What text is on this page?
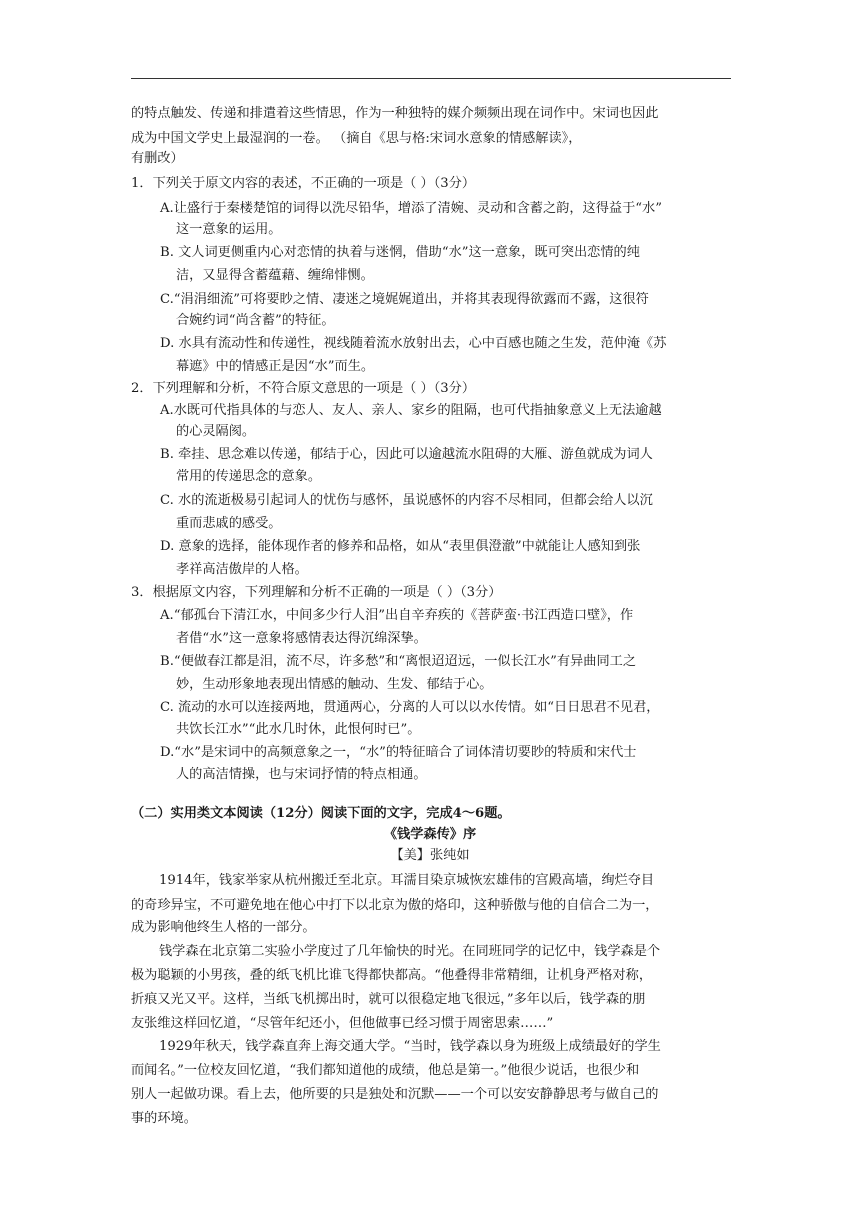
的特点触发、传递和排遣着这些情思，作为一种独特的媒介频频出现在词作中。宋词也因此
成为中国文学史上最湿润的一卷。 （摘自《思与格:宋词水意象的情感解读》，
有删改）
1．下列关于原文内容的表述，不正确的一项是（ ）（3分）
A.让盛行于秦楼楚馆的词得以洗尽铅华，增添了清婉、灵动和含蓄之韵，这得益于“水”
这一意象的运用。
B. 文人词更侧重内心对恋情的执着与迷惘，借助“水”这一意象，既可突出恋情的纯
洁，又显得含蓄蕴藉、缠绵悱恻。
C.“涓涓细流”可将要眇之情、凄迷之境娓娓道出，并将其表现得欲露而不露，这很符
合婉约词“尚含蓄”的特征。
D. 水具有流动性和传递性，视线随着流水放射出去，心中百感也随之生发，范仲淹《苏
幕遮》中的情感正是因“水”而生。
2．下列理解和分析，不符合原文意思的一项是（ ）（3分）
A.水既可代指具体的与恋人、友人、亲人、家乡的阻隔，也可代指抽象意义上无法逾越
的心灵隔阂。
B. 牵挂、思念难以传递，郁结于心，因此可以逾越流水阻碍的大雁、游鱼就成为词人
常用的传递思念的意象。
C. 水的流逝极易引起词人的忧伤与感怀，虽说感怀的内容不尽相同，但都会给人以沉
重而悲戚的感受。
D. 意象的选择，能体现作者的修养和品格，如从“表里俱澄澈”中就能让人感知到张
孝祥高洁傲岸的人格。
3．根据原文内容，下列理解和分析不正确的一项是（ ）（3分）
A.“郁孤台下清江水，中间多少行人泪”出自辛弃疾的《菩萨蛮·书江西造口壁》，作
者借“水”这一意象将感情表达得沉绵深挚。
B.“便做春江都是泪，流不尽，许多愁”和“离恨迢迢远，一似长江水”有异曲同工之
妙，生动形象地表现出情感的触动、生发、郁结于心。
C. 流动的水可以连接两地，贯通两心，分离的人可以以水传情。如“日日思君不见君，
共饮长江水”“此水几时休，此恨何时已”。
D.“水”是宋词中的高频意象之一，“水”的特征暗合了词体清切要眇的特质和宋代士
人的高洁情操，也与宋词抒情的特点相通。
（二）实用类文本阅读（12分）阅读下面的文字，完成4～6题。
《钱学森传》序
【美】张纯如
1914年，钱家举家从杭州搬迁至北京。耳濡目染京城恢宏雄伟的宫殿高墙，绚烂夺目
的奇珍异宝，不可避免地在他心中打下以北京为傲的烙印，这种骄傲与他的自信合二为一，
成为影响他终生人格的一部分。
钱学森在北京第二实验小学度过了几年愉快的时光。在同班同学的记忆中，钱学森是个
极为聪颖的小男孩，叠的纸飞机比谁飞得都快都高。“他叠得非常精细，让机身严格对称，
折痕又光又平。这样，当纸飞机掷出时，就可以很稳定地飞很远，”多年以后，钱学森的朋
友张维这样回忆道，“尽管年纪还小，但他做事已经习惯于周密思索……”
1929年秋天，钱学森直奔上海交通大学。“当时，钱学森以身为班级上成绩最好的学生
而闻名。”一位校友回忆道，“我们都知道他的成绩，他总是第一。”他很少说话，也很少和
别人一起做功课。看上去，他所要的只是独处和沉默——一个可以安安静静思考与做自己的
事的环境。
